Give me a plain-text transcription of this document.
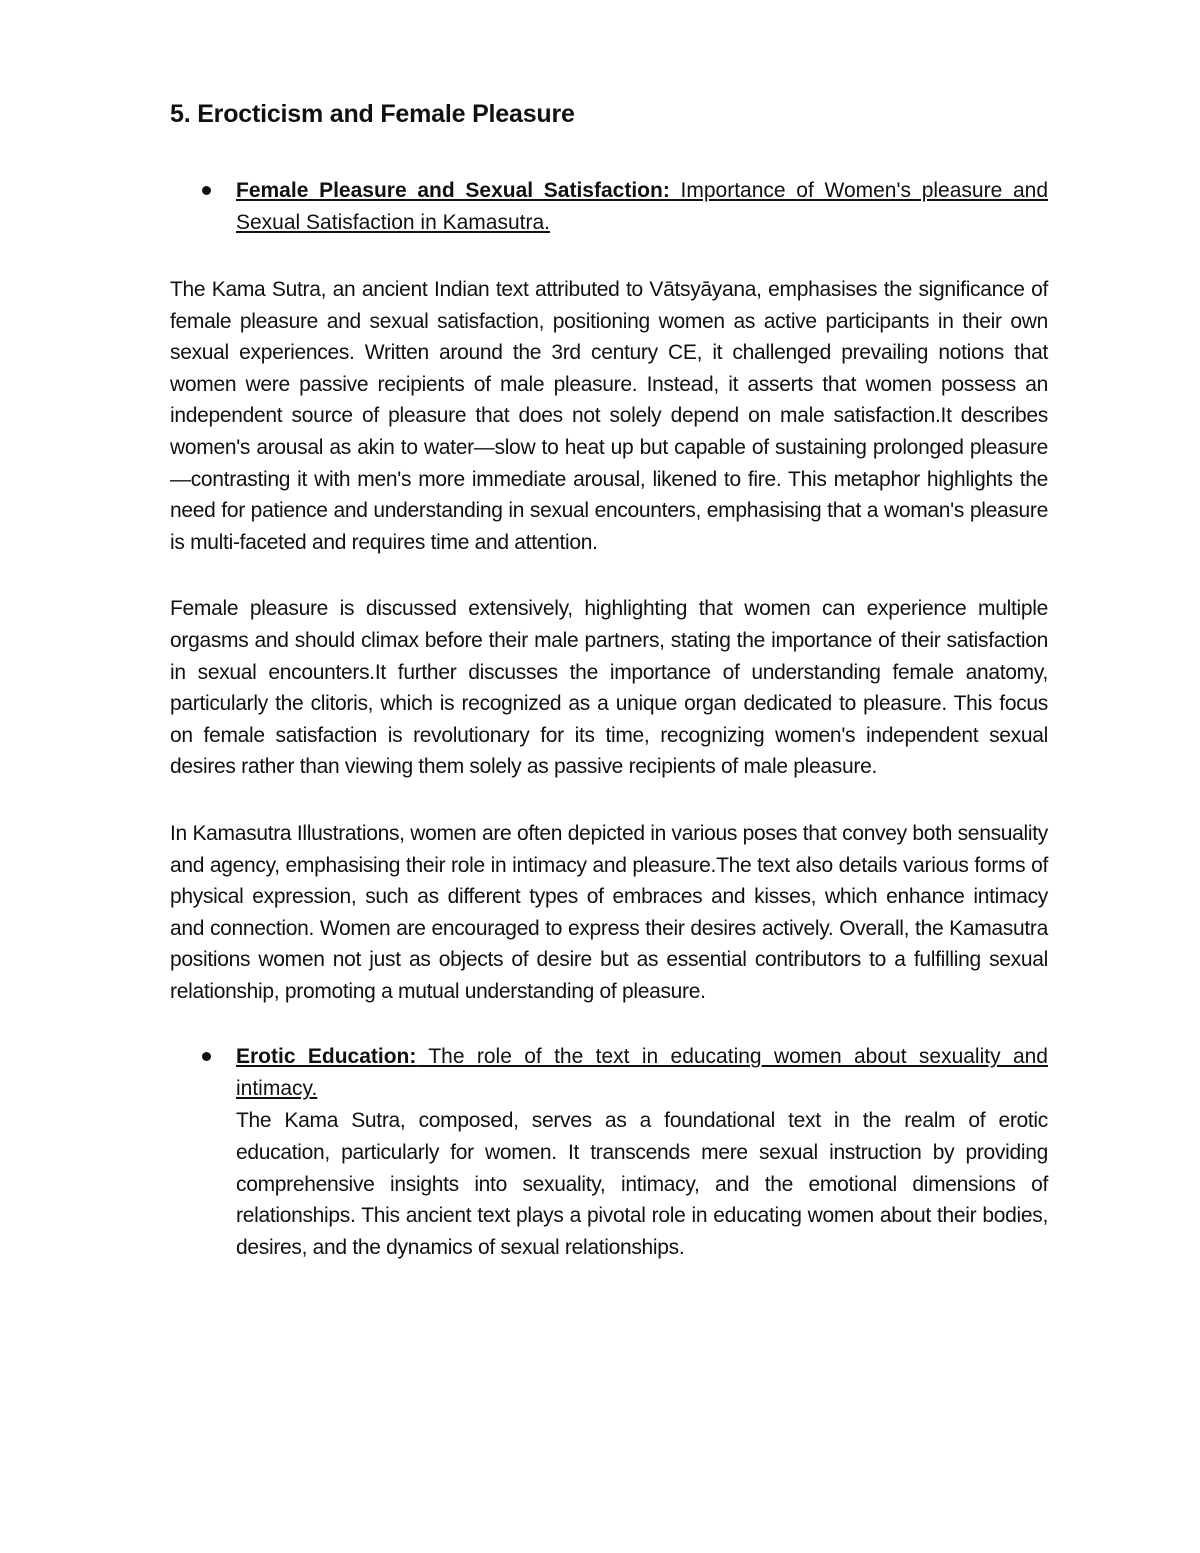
5. Erocticism and Female Pleasure

Female Pleasure and Sexual Satisfaction: Importance of Women's pleasure and Sexual Satisfaction in Kamasutra.

The Kama Sutra, an ancient Indian text attributed to Vātsyāyana, emphasises the significance of female pleasure and sexual satisfaction, positioning women as active participants in their own sexual experiences. Written around the 3rd century CE, it challenged prevailing notions that women were passive recipients of male pleasure. Instead, it asserts that women possess an independent source of pleasure that does not solely depend on male satisfaction.It describes women's arousal as akin to water—slow to heat up but capable of sustaining prolonged pleasure—contrasting it with men's more immediate arousal, likened to fire. This metaphor highlights the need for patience and understanding in sexual encounters, emphasising that a woman's pleasure is multi-faceted and requires time and attention.

Female pleasure is discussed extensively, highlighting that women can experience multiple orgasms and should climax before their male partners, stating the importance of their satisfaction in sexual encounters.It further discusses the importance of understanding female anatomy, particularly the clitoris, which is recognized as a unique organ dedicated to pleasure. This focus on female satisfaction is revolutionary for its time, recognizing women's independent sexual desires rather than viewing them solely as passive recipients of male pleasure.

In Kamasutra Illustrations, women are often depicted in various poses that convey both sensuality and agency, emphasising their role in intimacy and pleasure.The text also details various forms of physical expression, such as different types of embraces and kisses, which enhance intimacy and connection. Women are encouraged to express their desires actively. Overall, the Kamasutra positions women not just as objects of desire but as essential contributors to a fulfilling sexual relationship, promoting a mutual understanding of pleasure.

Erotic Education: The role of the text in educating women about sexuality and intimacy.

The Kama Sutra, composed, serves as a foundational text in the realm of erotic education, particularly for women. It transcends mere sexual instruction by providing comprehensive insights into sexuality, intimacy, and the emotional dimensions of relationships. This ancient text plays a pivotal role in educating women about their bodies, desires, and the dynamics of sexual relationships.
